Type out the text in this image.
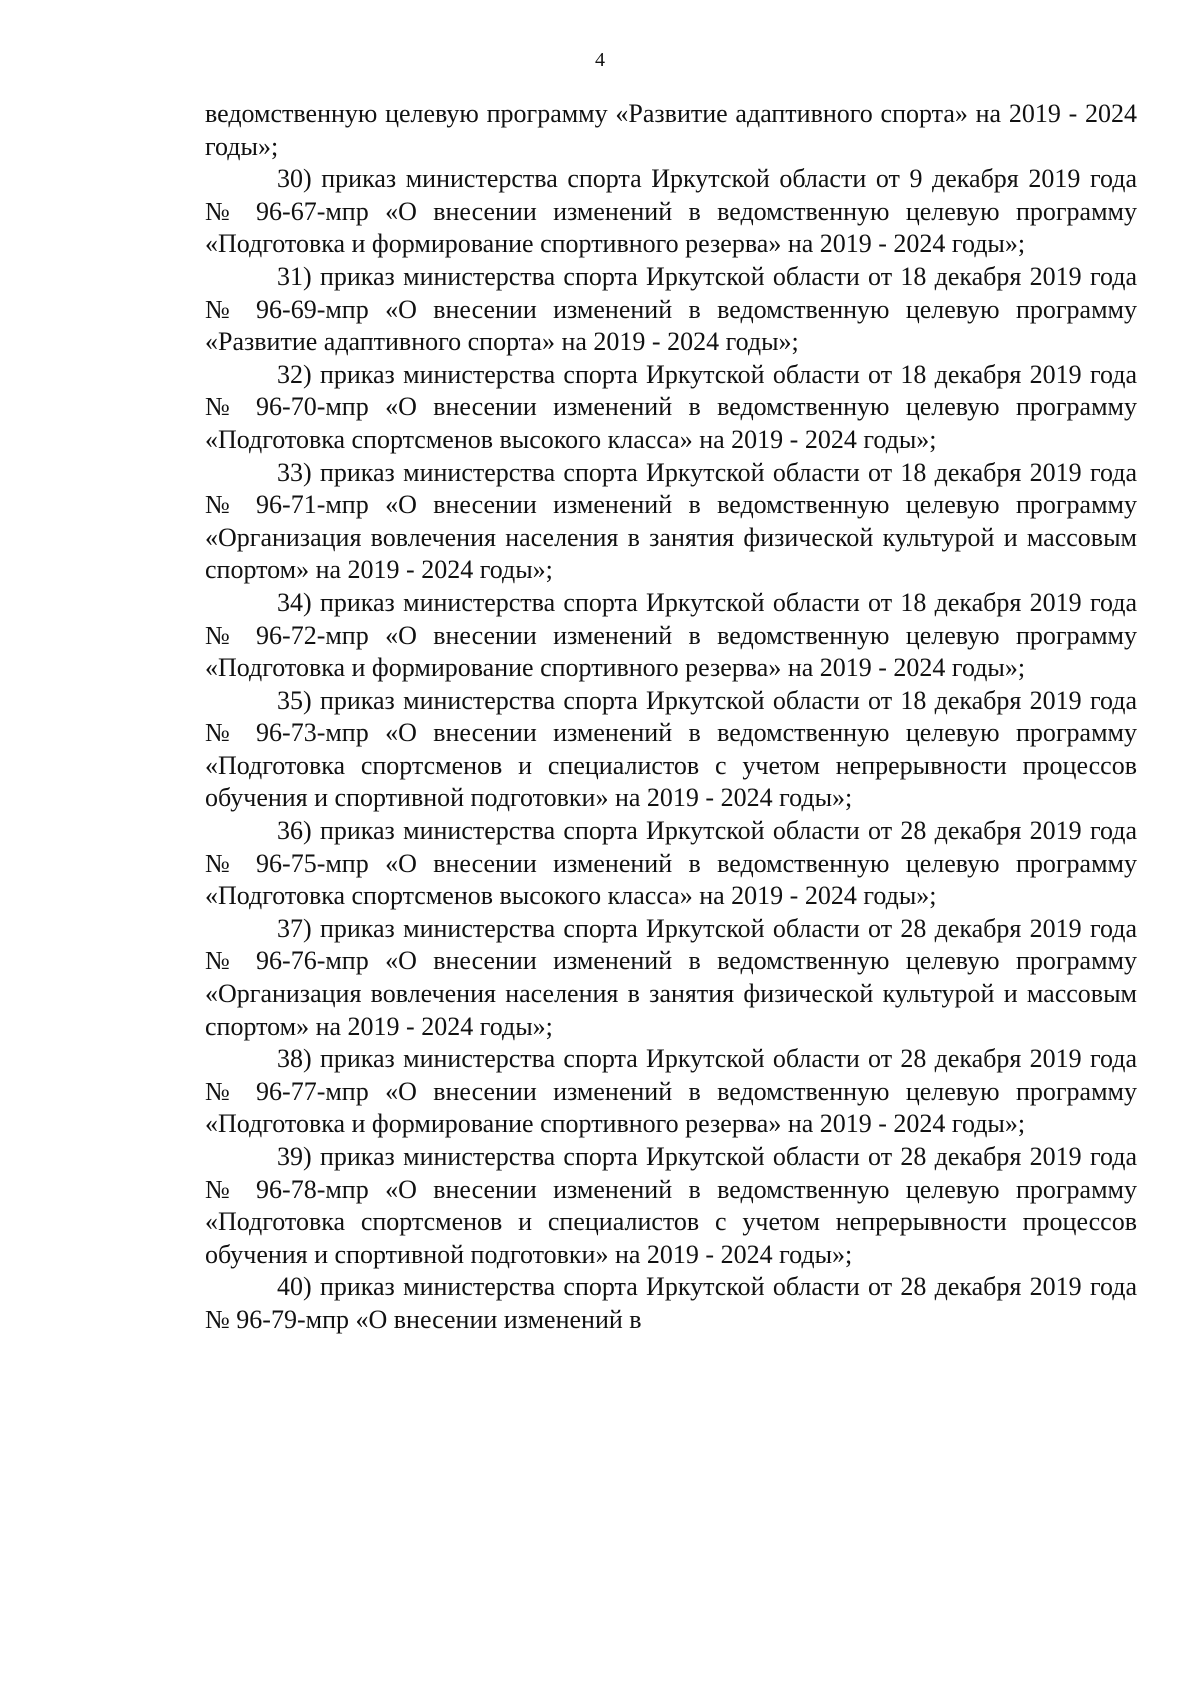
4

ведомственную целевую программу «Развитие адаптивного спорта» на 2019 - 2024 годы»;

30) приказ министерства спорта Иркутской области от 9 декабря 2019 года № 96-67-мпр «О внесении изменений в ведомственную целевую программу «Подготовка и формирование спортивного резерва» на 2019 - 2024 годы»;

31) приказ министерства спорта Иркутской области от 18 декабря 2019 года № 96-69-мпр «О внесении изменений в ведомственную целевую программу «Развитие адаптивного спорта» на 2019 - 2024 годы»;

32) приказ министерства спорта Иркутской области от 18 декабря 2019 года № 96-70-мпр «О внесении изменений в ведомственную целевую программу «Подготовка спортсменов высокого класса» на 2019 - 2024 годы»;

33) приказ министерства спорта Иркутской области от 18 декабря 2019 года № 96-71-мпр «О внесении изменений в ведомственную целевую программу «Организация вовлечения населения в занятия физической культурой и массовым спортом» на 2019 - 2024 годы»;

34) приказ министерства спорта Иркутской области от 18 декабря 2019 года № 96-72-мпр «О внесении изменений в ведомственную целевую программу «Подготовка и формирование спортивного резерва» на 2019 - 2024 годы»;

35) приказ министерства спорта Иркутской области от 18 декабря 2019 года № 96-73-мпр «О внесении изменений в ведомственную целевую программу «Подготовка спортсменов и специалистов с учетом непрерывности процессов обучения и спортивной подготовки» на 2019 - 2024 годы»;

36) приказ министерства спорта Иркутской области от 28 декабря 2019 года № 96-75-мпр «О внесении изменений в ведомственную целевую программу «Подготовка спортсменов высокого класса» на 2019 - 2024 годы»;

37) приказ министерства спорта Иркутской области от 28 декабря 2019 года № 96-76-мпр «О внесении изменений в ведомственную целевую программу «Организация вовлечения населения в занятия физической культурой и массовым спортом» на 2019 - 2024 годы»;

38) приказ министерства спорта Иркутской области от 28 декабря 2019 года № 96-77-мпр «О внесении изменений в ведомственную целевую программу «Подготовка и формирование спортивного резерва» на 2019 - 2024 годы»;

39) приказ министерства спорта Иркутской области от 28 декабря 2019 года № 96-78-мпр «О внесении изменений в ведомственную целевую программу «Подготовка спортсменов и специалистов с учетом непрерывности процессов обучения и спортивной подготовки» на 2019 - 2024 годы»;

40) приказ министерства спорта Иркутской области от 28 декабря 2019 года № 96-79-мпр «О внесении изменений в
